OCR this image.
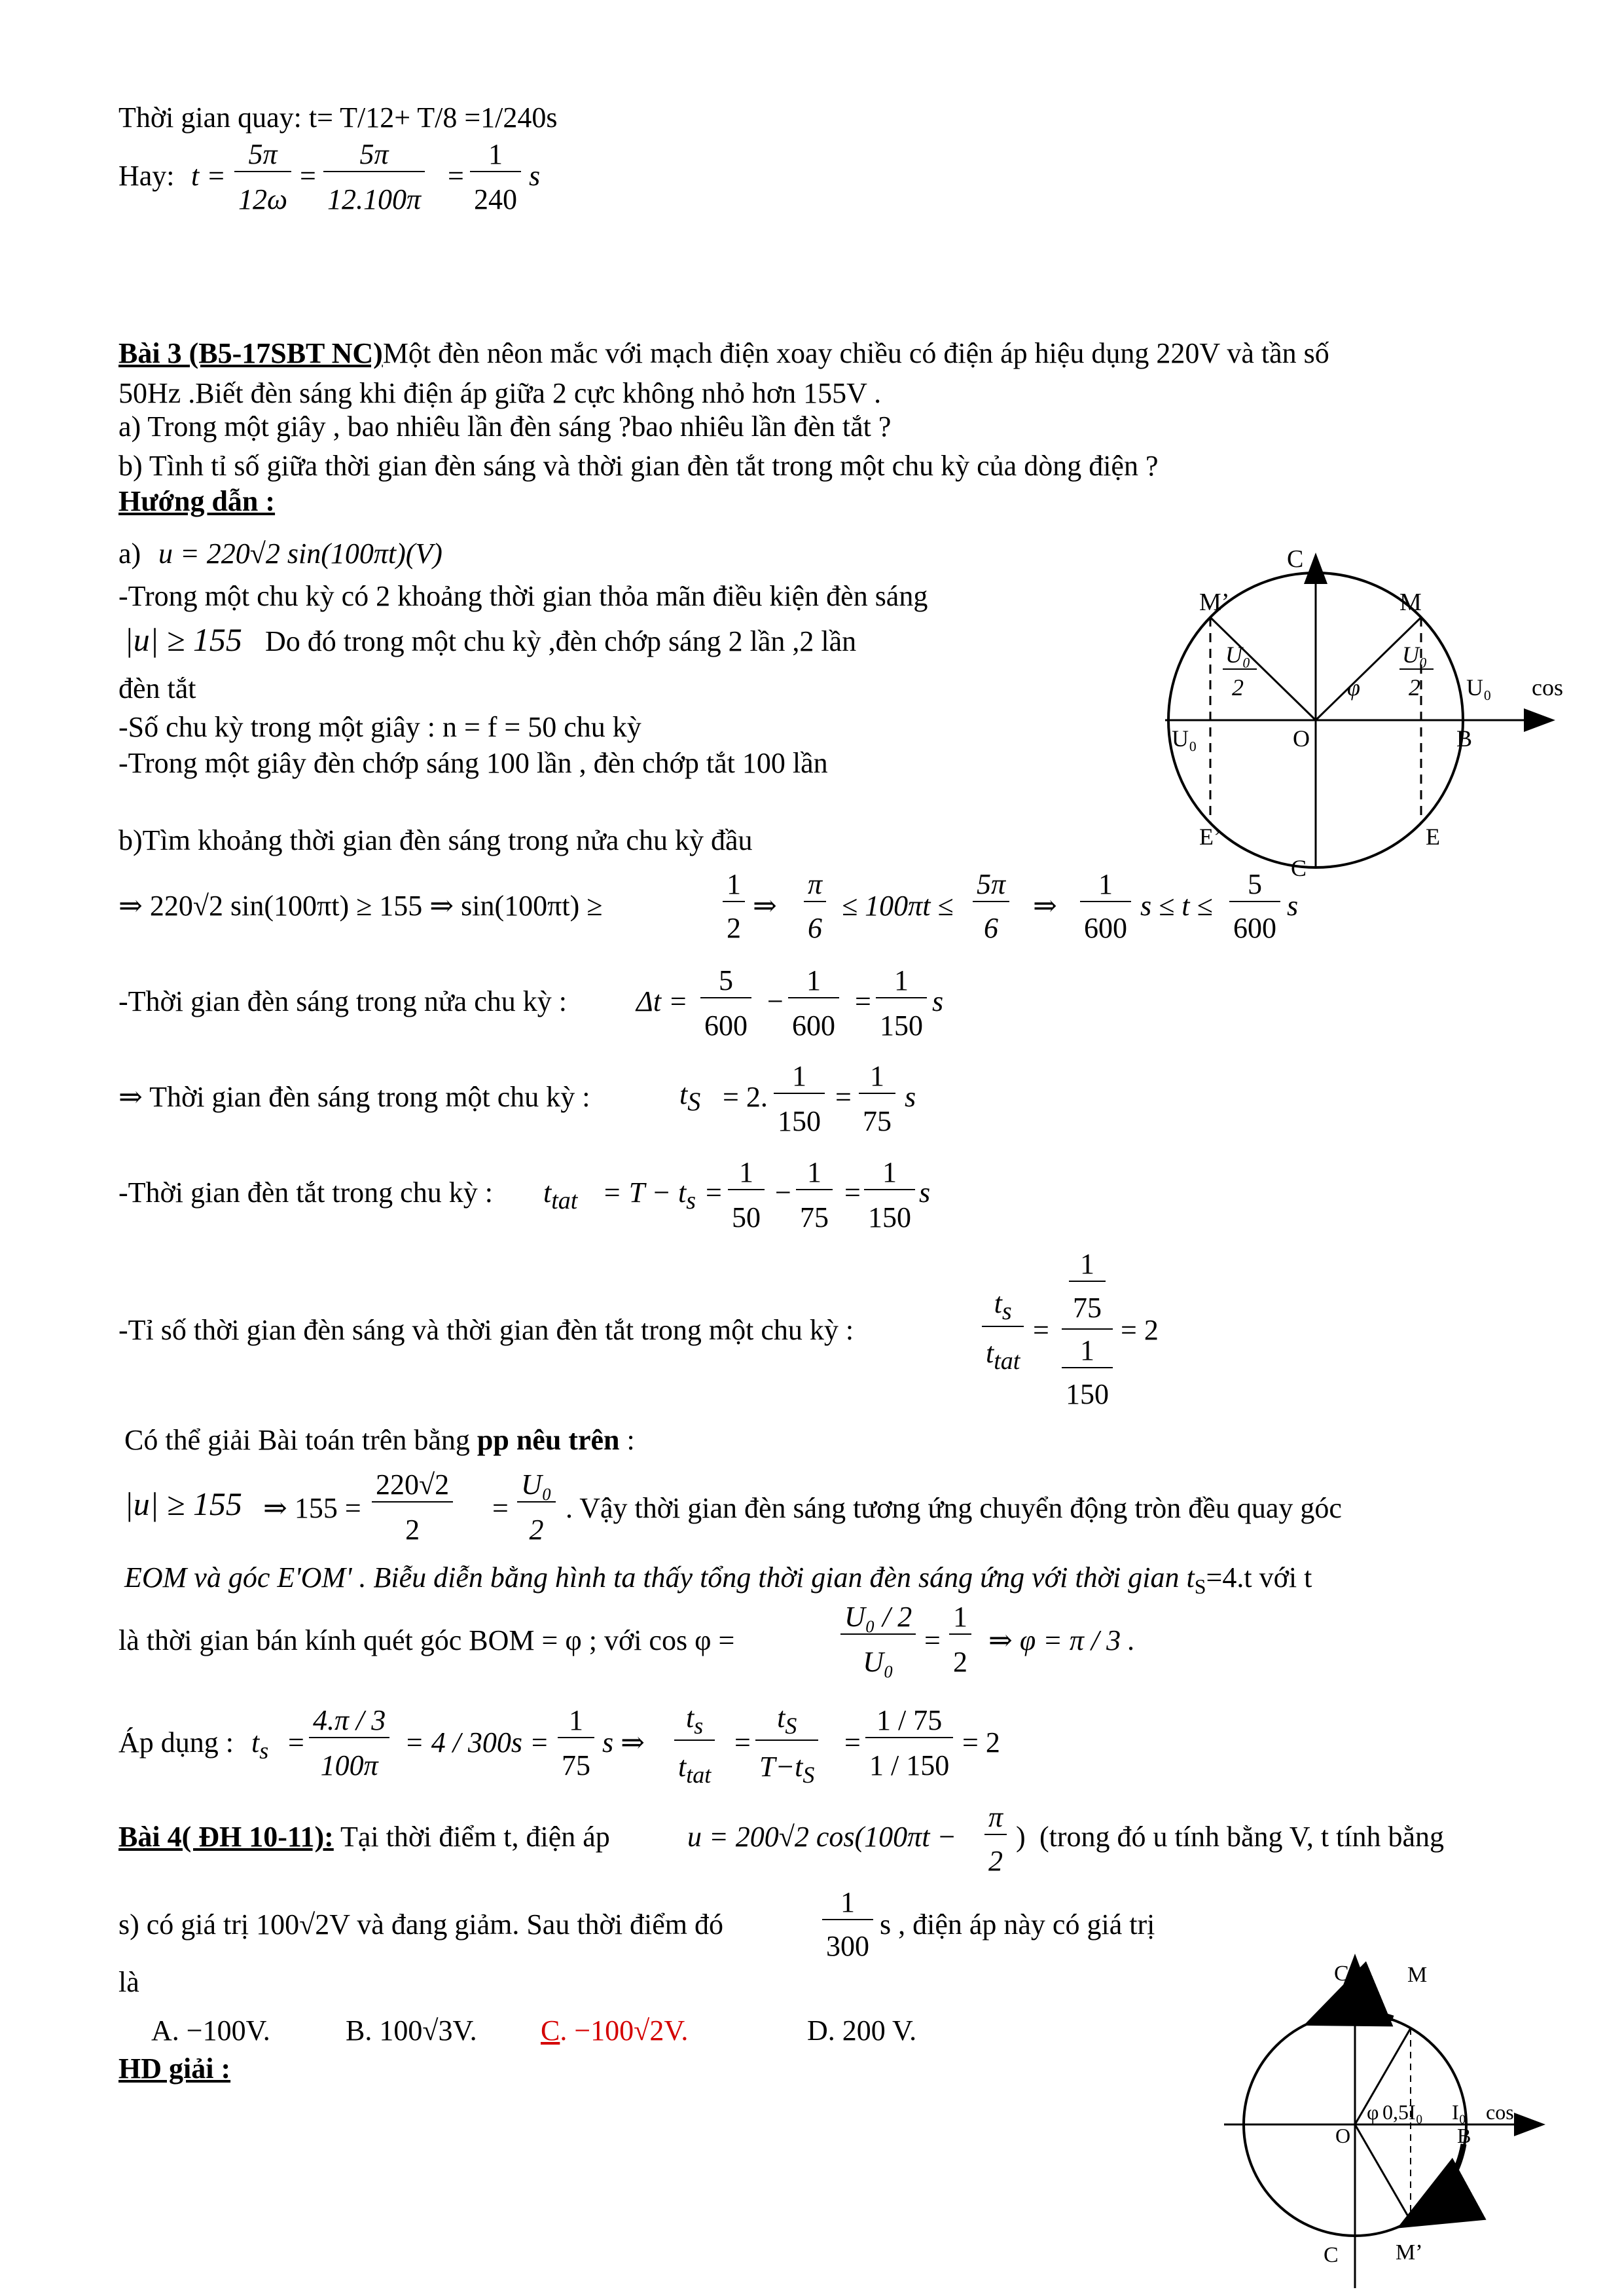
Thời gian quay: t= T/12+ T/8 =1/240s
Hay: t =
5π
12ω
=
5π
12.100π
=
1
240
s
Bài 3 (B5-17SBT NC)Một đèn nêon mắc với mạch điện xoay chiều có điện áp hiệu dụng 220V và tần số
50Hz .Biết đèn sáng khi điện áp giữa 2 cực không nhỏ hơn 155V .
a) Trong một giây , bao nhiêu lần đèn sáng ?bao nhiêu lần đèn tắt ?
b) Tình tỉ số giữa thời gian đèn sáng và thời gian đèn tắt trong một chu kỳ của dòng điện ?
Hướng dẫn :
a) u = 220√2 sin(100πt)(V)
-Trong một chu kỳ có 2 khoảng thời gian thỏa mãn điều kiện đèn sáng
|u| ≥ 155 Do đó trong một chu kỳ ,đèn chớp sáng 2 lần ,2 lần
đèn tắt
-Số chu kỳ trong một giây : n = f = 50 chu kỳ
-Trong một giây đèn chớp sáng 100 lần , đèn chớp tắt 100 lần
C
M’	M
U₀
2	φ
U₀
2 U₀ cos
U₀	O	B
E’	E
C
b)Tìm khoảng thời gian đèn sáng trong nửa chu kỳ đầu
⇒ 220√2 sin(100πt) ≥ 155 ⇒ sin(100πt) ≥
1
2
⇒
π
6
≤ 100πt ≤
5π
6
⇒
1
600
s ≤ t ≤
5
600
s
-Thời gian đèn sáng trong nửa chu kỳ : Δt =
5
600
−
1
600
=
1
150
s
⇒ Thời gian đèn sáng trong một chu kỳ :	$t_S = 2$.
1
150
=
1
75
s
-Thời gian đèn tắt trong chu kỳ : $t_{tat} = T - t_s$ =
1
50
−
1
75
=
1
150
s
-Tỉ số thời gian đèn sáng và thời gian đèn tắt trong một chu kỳ :
$t_s$
$t_{tat}$
=
1
75
1
150
= 2
Có thể giải Bài toán trên bằng pp nêu trên :
|u| ≥ 155 ⇒ 155 =
220√2
2
=
U₀
2
. Vậy thời gian đèn sáng tương ứng chuyển động tròn đều quay góc
EOM và góc E'OM' . Biễu diễn bằng hình ta thấy tổng thời gian đèn sáng ứng với thời gian $t_S=4.t$ với t
là thời gian bán kính quét góc BOM = φ ; với cos φ =
U₀ / 2
U₀
=
1
2
⇒ φ = π / 3 .
Áp dụng : $t_s$ =
4.π / 3
100π
= 4 / 300s =
1
75
s ⇒
$t_s$
$t_{tat}$
=
$t_S$
$T-t_S$
=
1 / 75
1 / 150
= 2
Bài 4( ĐH 10-11): Tại thời điểm t, điện áp	u = 200√2 cos(100πt −
π
2
) (trong đó u tính bằng V, t tính bằng
s) có giá trị 100√2V và đang giảm. Sau thời điểm đó
1
300
s , điện áp này có giá trị
là
A. −100V.	B. 100√3V. C. −100√2V.	D. 200 V.
HD giải :
C	M
φ 0,5I₀ I₀ cos
O	B
C	M’
